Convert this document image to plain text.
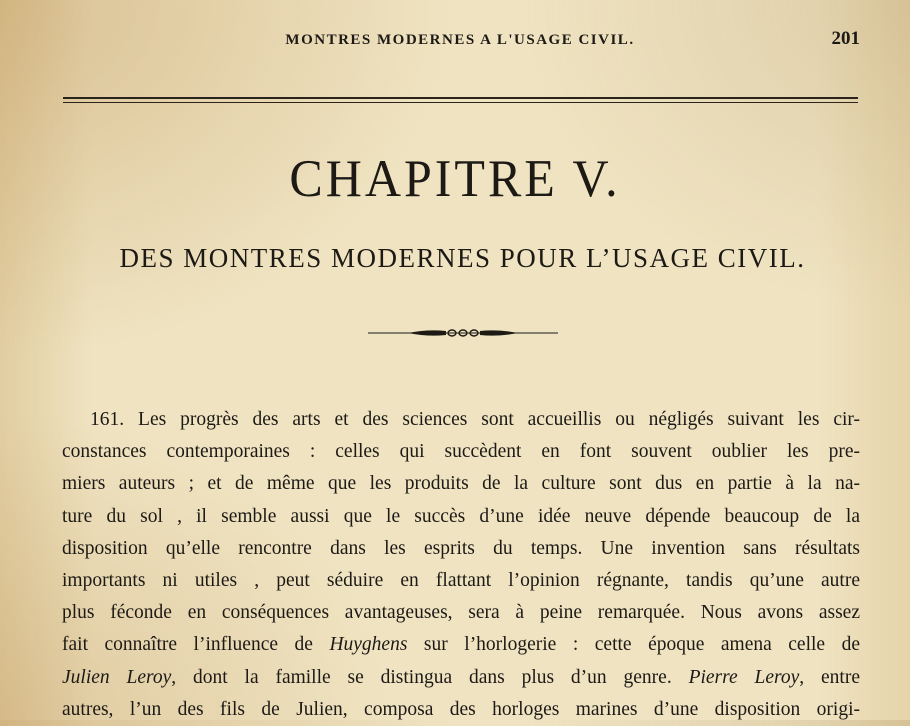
MONTRES MODERNES A L'USAGE CIVIL.	201
CHAPITRE V.
DES MONTRES MODERNES POUR L’USAGE CIVIL.
161. Les progrès des arts et des sciences sont accueillis ou négligés suivant les cir-
constances contemporaines : celles qui succèdent en font souvent oublier les pre-
miers auteurs ; et de même que les produits de la culture sont dus en partie à la na-
ture du sol , il semble aussi que le succès d’une idée neuve dépende beaucoup de la
disposition qu’elle rencontre dans les esprits du temps. Une invention sans résultats
importants ni utiles , peut séduire en flattant l’opinion régnante, tandis qu’une autre
plus féconde en conséquences avantageuses, sera à peine remarquée. Nous avons assez
fait connaître l’influence de Huyghens sur l’horlogerie : cette époque amena celle de
Julien Leroy, dont la famille se distingua dans plus d’un genre. Pierre Leroy, entre
autres, l’un des fils de Julien, composa des horloges marines d’une disposition origi-
